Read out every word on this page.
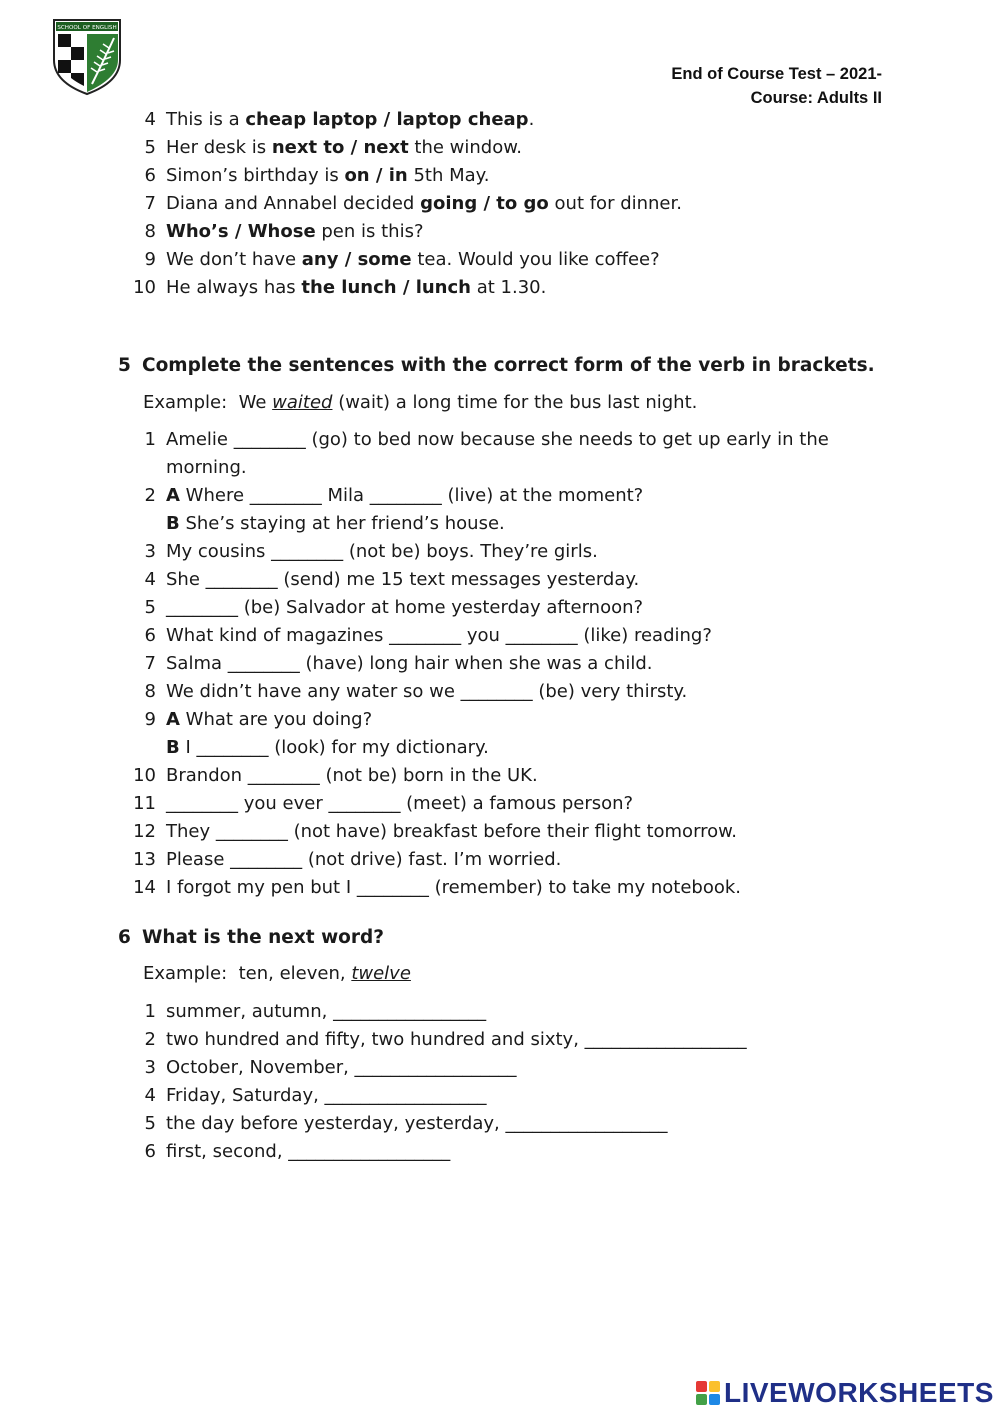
SCHOOL OF ENGLISH
End of Course Test – 2021-
Course: Adults II
4 This is a cheap laptop / laptop cheap.
5 Her desk is next to / next the window.
6 Simon’s birthday is on / in 5th May.
7 Diana and Annabel decided going / to go out for dinner.
8 Who’s / Whose pen is this?
9 We don’t have any / some tea. Would you like coffee?
10 He always has the lunch / lunch at 1.30.
5 Complete the sentences with the correct form of the verb in brackets.
Example: We waited (wait) a long time for the bus last night.
1 Amelie ________ (go) to bed now because she needs to get up early in the
morning.
2 A Where ________ Mila ________ (live) at the moment?
B She’s staying at her friend’s house.
3 My cousins ________ (not be) boys. They’re girls.
4 She ________ (send) me 15 text messages yesterday.
5 ________ (be) Salvador at home yesterday afternoon?
6 What kind of magazines ________ you ________ (like) reading?
7 Salma ________ (have) long hair when she was a child.
8 We didn’t have any water so we ________ (be) very thirsty.
9 A What are you doing?
B I ________ (look) for my dictionary.
10 Brandon ________ (not be) born in the UK.
11 ________ you ever ________ (meet) a famous person?
12 They ________ (not have) breakfast before their flight tomorrow.
13 Please ________ (not drive) fast. I’m worried.
14 I forgot my pen but I ________ (remember) to take my notebook.
6 What is the next word?
Example: ten, eleven, twelve
1 summer, autumn, _________________
2 two hundred and fifty, two hundred and sixty, __________________
3 October, November, __________________
4 Friday, Saturday, __________________
5 the day before yesterday, yesterday, __________________
6 first, second, __________________
LIVEWORKSHEETS
